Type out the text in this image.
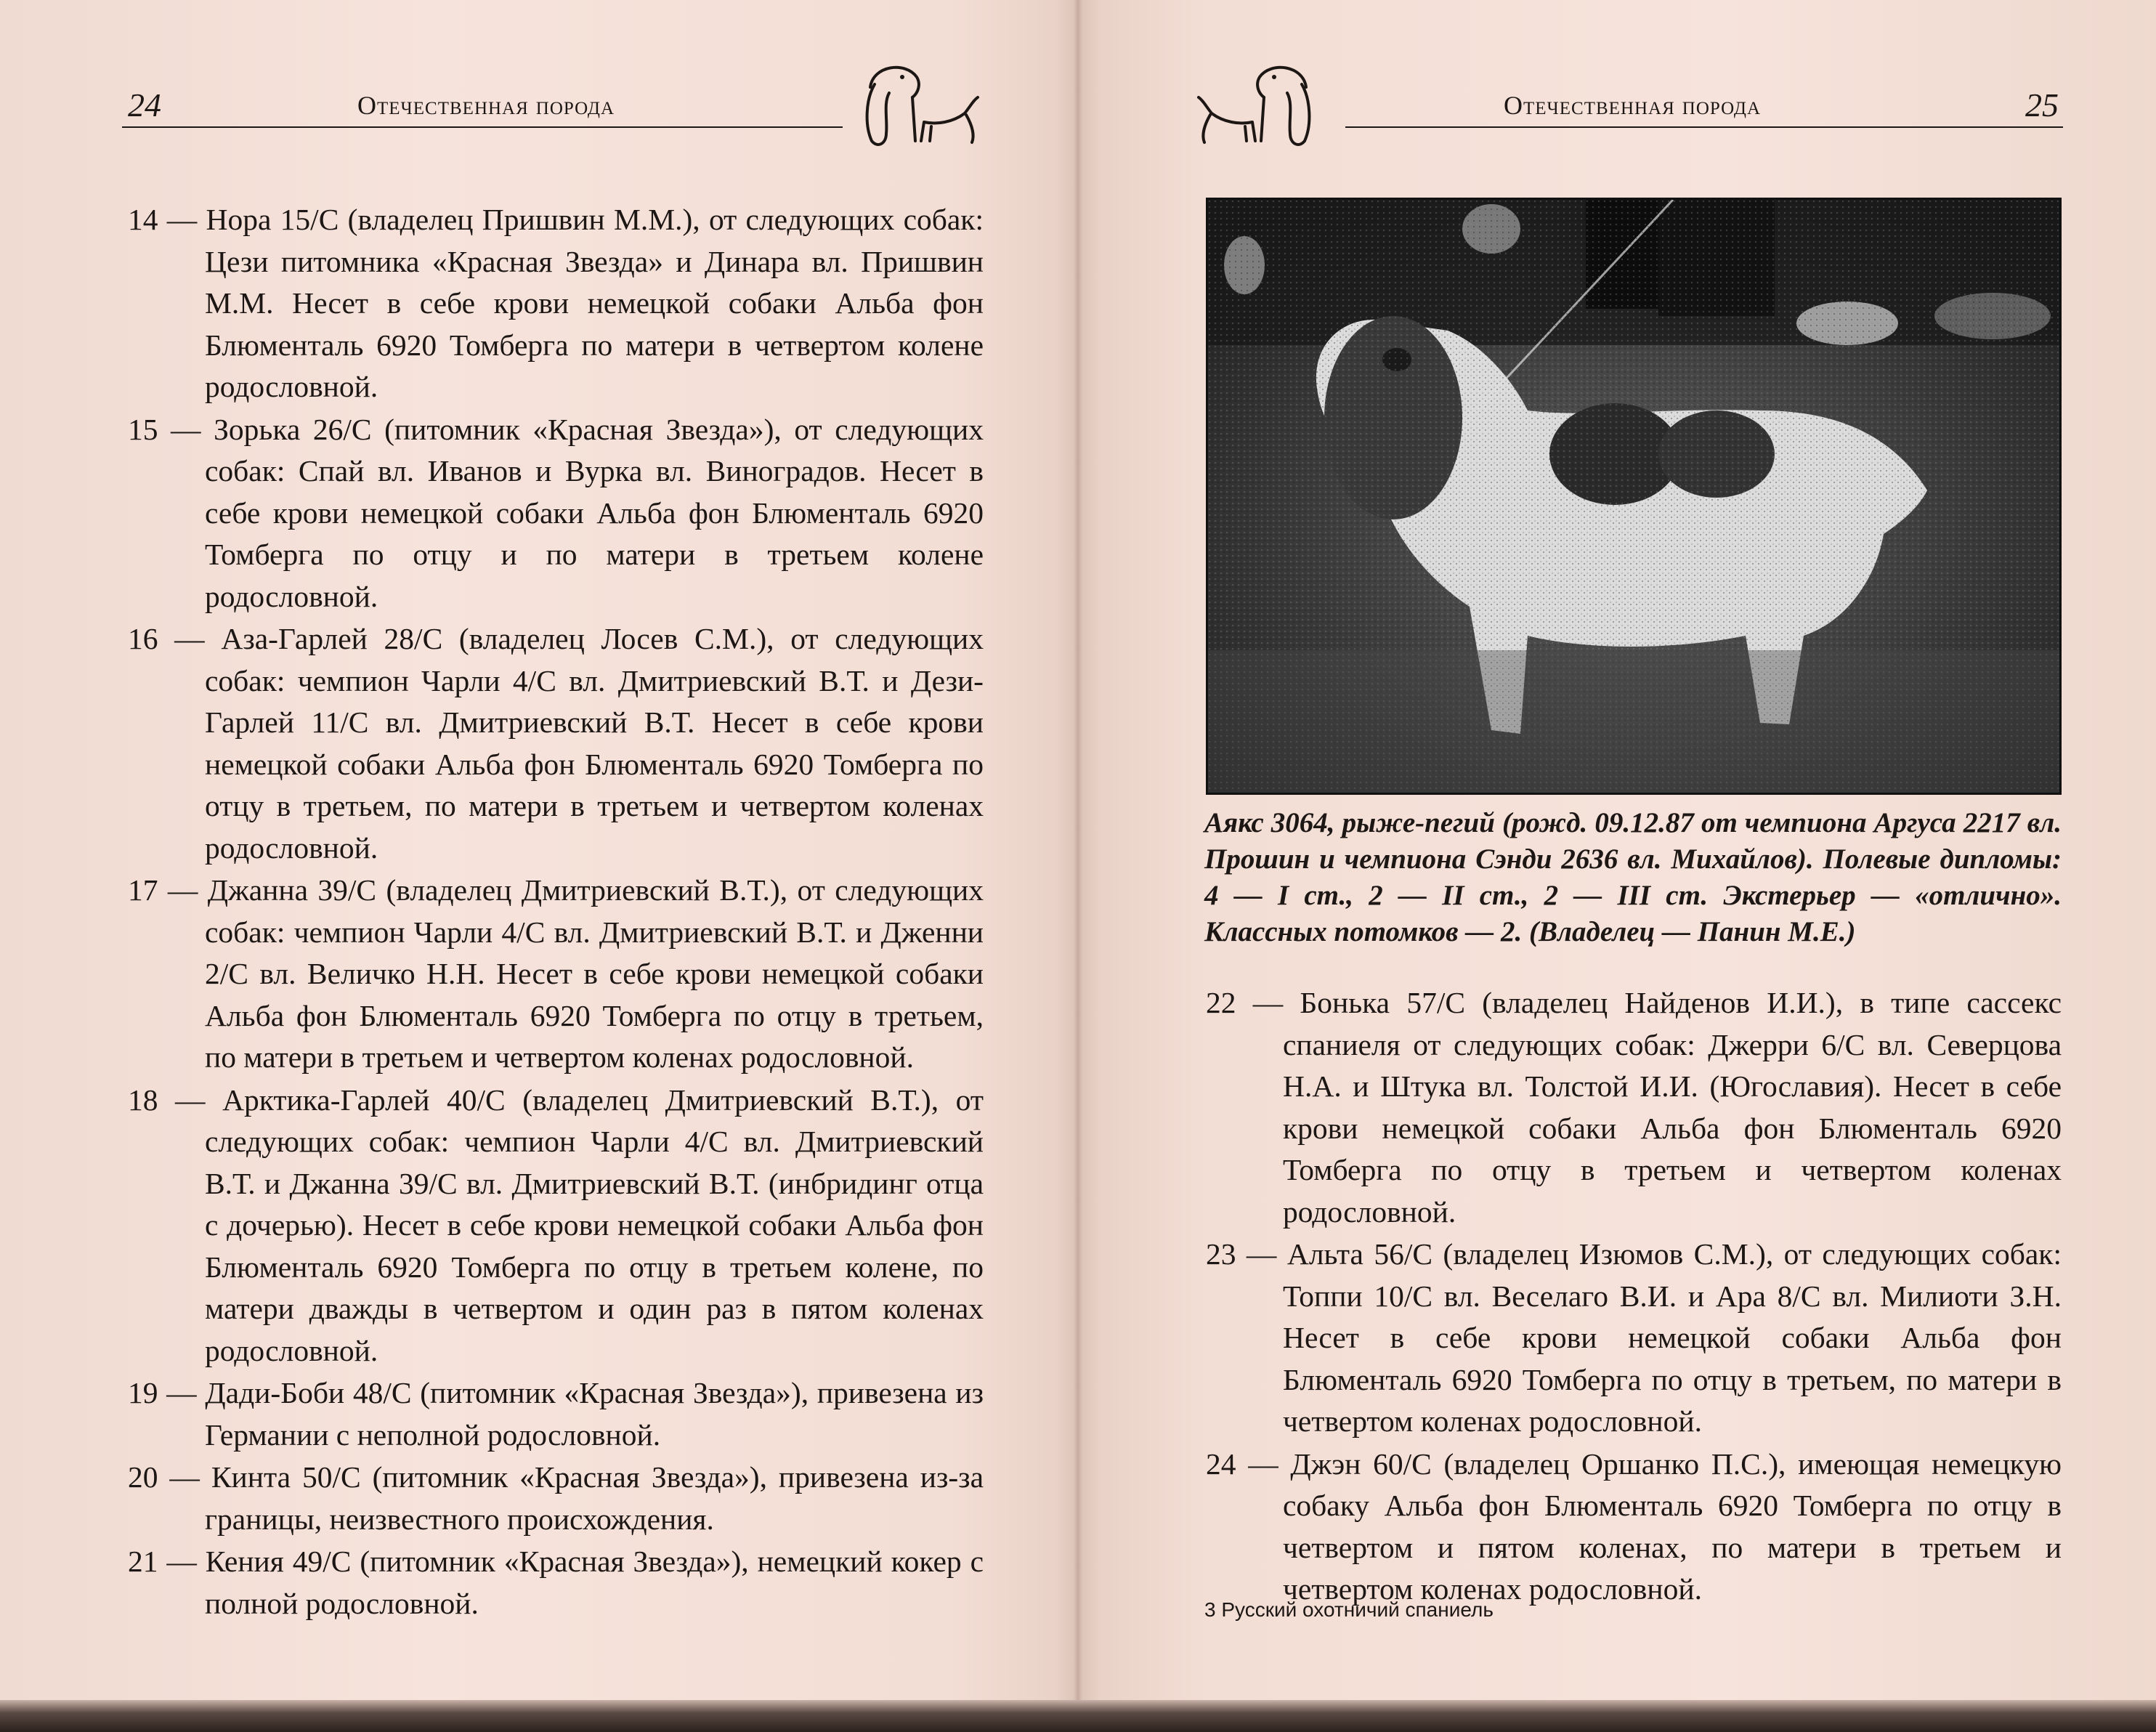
24	Отечественная порода
14 — Нора 15/С (владелец Пришвин М.М.), от следующих собак: Цези питомника «Красная Звезда» и Динара вл. Пришвин М.М. Несет в себе крови немецкой собаки Альба фон Блюменталь 6920 Томберга по матери в четвертом колене родословной.
15 — Зорька 26/С (питомник «Красная Звезда»), от следующих собак: Спай вл. Иванов и Вурка вл. Виноградов. Несет в себе крови немецкой собаки Альба фон Блюменталь 6920 Томберга по отцу и по матери в третьем колене родословной.
16 — Аза-Гарлей 28/С (владелец Лосев С.М.), от следующих собак: чемпион Чарли 4/С вл. Дмитриевский В.Т. и Дези-Гарлей 11/С вл. Дмитриевский В.Т. Несет в себе крови немецкой собаки Альба фон Блюменталь 6920 Томберга по отцу в третьем, по матери в третьем и четвертом коленах родословной.
17 — Джанна 39/С (владелец Дмитриевский В.Т.), от следующих собак: чемпион Чарли 4/С вл. Дмитриевский В.Т. и Дженни 2/С вл. Величко Н.Н. Несет в себе крови немецкой собаки Альба фон Блюменталь 6920 Томберга по отцу в третьем, по матери в третьем и четвертом коленах родословной.
18 — Арктика-Гарлей 40/С (владелец Дмитриевский В.Т.), от следующих собак: чемпион Чарли 4/С вл. Дмитриевский В.Т. и Джанна 39/С вл. Дмитриевский В.Т. (инбридинг отца с дочерью). Несет в себе крови немецкой собаки Альба фон Блюменталь 6920 Томберга по отцу в третьем колене, по матери дважды в четвертом и один раз в пятом коленах родословной.
19 — Дади-Боби 48/С (питомник «Красная Звезда»), привезена из Германии с неполной родословной.
20 — Кинта 50/С (питомник «Красная Звезда»), привезена из-за границы, неизвестного происхождения.
21 — Кения 49/С (питомник «Красная Звезда»), немецкий кокер с полной родословной.
Отечественная порода	25

Аякс 3064, рыже-пегий (рожд. 09.12.87 от чемпиона Аргуса 2217 вл. Прошин и чемпиона Сэнди 2636 вл. Михайлов). Полевые дипломы: 4 — I ст., 2 — II ст., 2 — III ст. Экстерьер — «отлично». Классных потомков — 2. (Владелец — Панин М.Е.)

22 — Бонька 57/С (владелец Найденов И.И.), в типе сассекс спаниеля от следующих собак: Джерри 6/С вл. Северцова Н.А. и Штука вл. Толстой И.И. (Югославия). Несет в себе крови немецкой собаки Альба фон Блюменталь 6920 Томберга по отцу в третьем и четвертом коленах родословной.
23 — Альта 56/С (владелец Изюмов С.М.), от следующих собак: Топпи 10/С вл. Веселаго В.И. и Ара 8/С вл. Милиоти З.Н. Несет в себе крови немецкой собаки Альба фон Блюменталь 6920 Томберга по отцу в третьем, по матери в четвертом коленах родословной.
24 — Джэн 60/С (владелец Оршанко П.С.), имеющая немецкую собаку Альба фон Блюменталь 6920 Томберга по отцу в четвертом и пятом коленах, по матери в третьем и четвертом коленах родословной.
3 Русский охотничий спаниель
